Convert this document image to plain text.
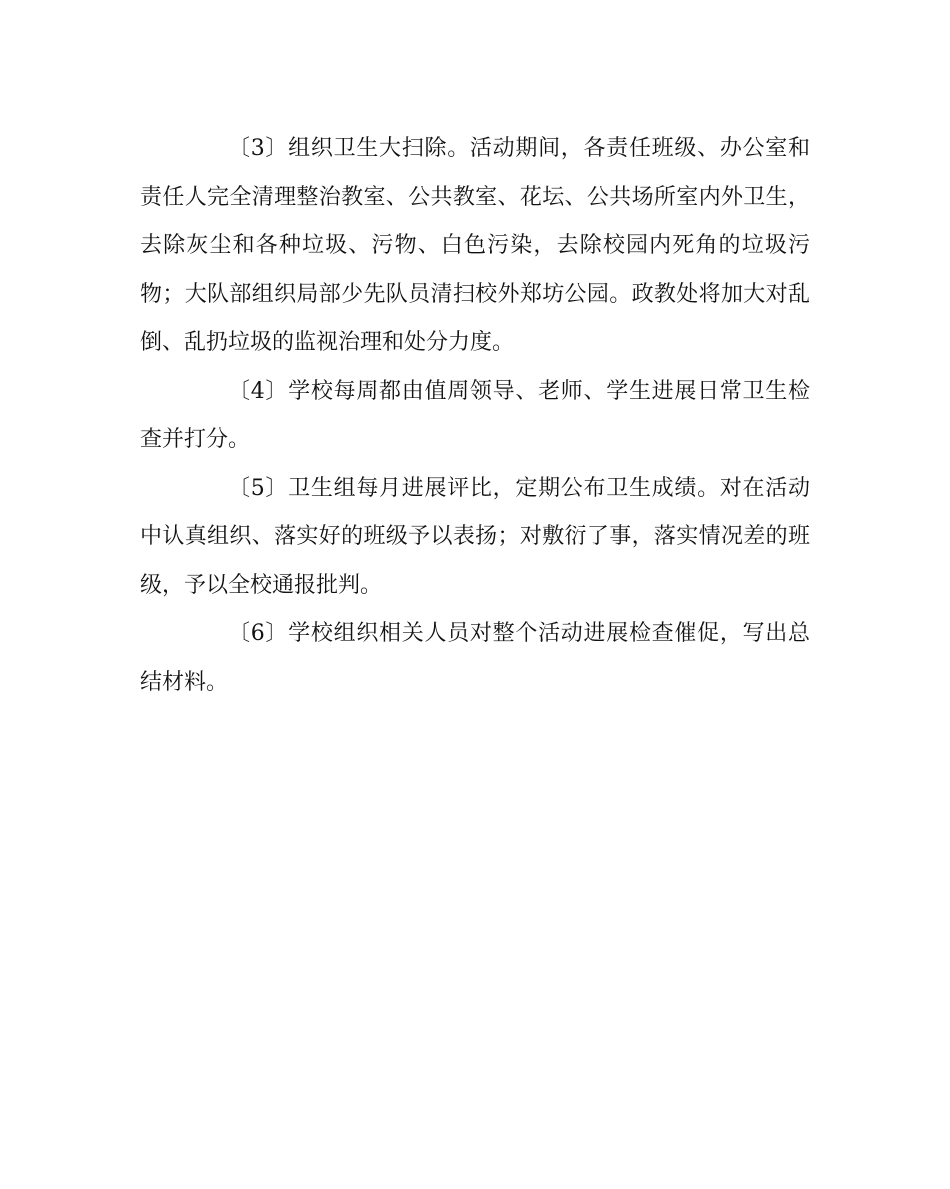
〔3〕组织卫生大扫除。活动期间，各责任班级、办公室和责任人完全清理整治教室、公共教室、花坛、公共场所室内外卫生，去除灰尘和各种垃圾、污物、白色污染，去除校园内死角的垃圾污物；大队部组织局部少先队员清扫校外郑坊公园。政教处将加大对乱倒、乱扔垃圾的监视治理和处分力度。

〔4〕学校每周都由值周领导、老师、学生进展日常卫生检查并打分。

〔5〕卫生组每月进展评比，定期公布卫生成绩。对在活动中认真组织、落实好的班级予以表扬；对敷衍了事，落实情况差的班级，予以全校通报批判。

〔6〕学校组织相关人员对整个活动进展检查催促，写出总结材料。
